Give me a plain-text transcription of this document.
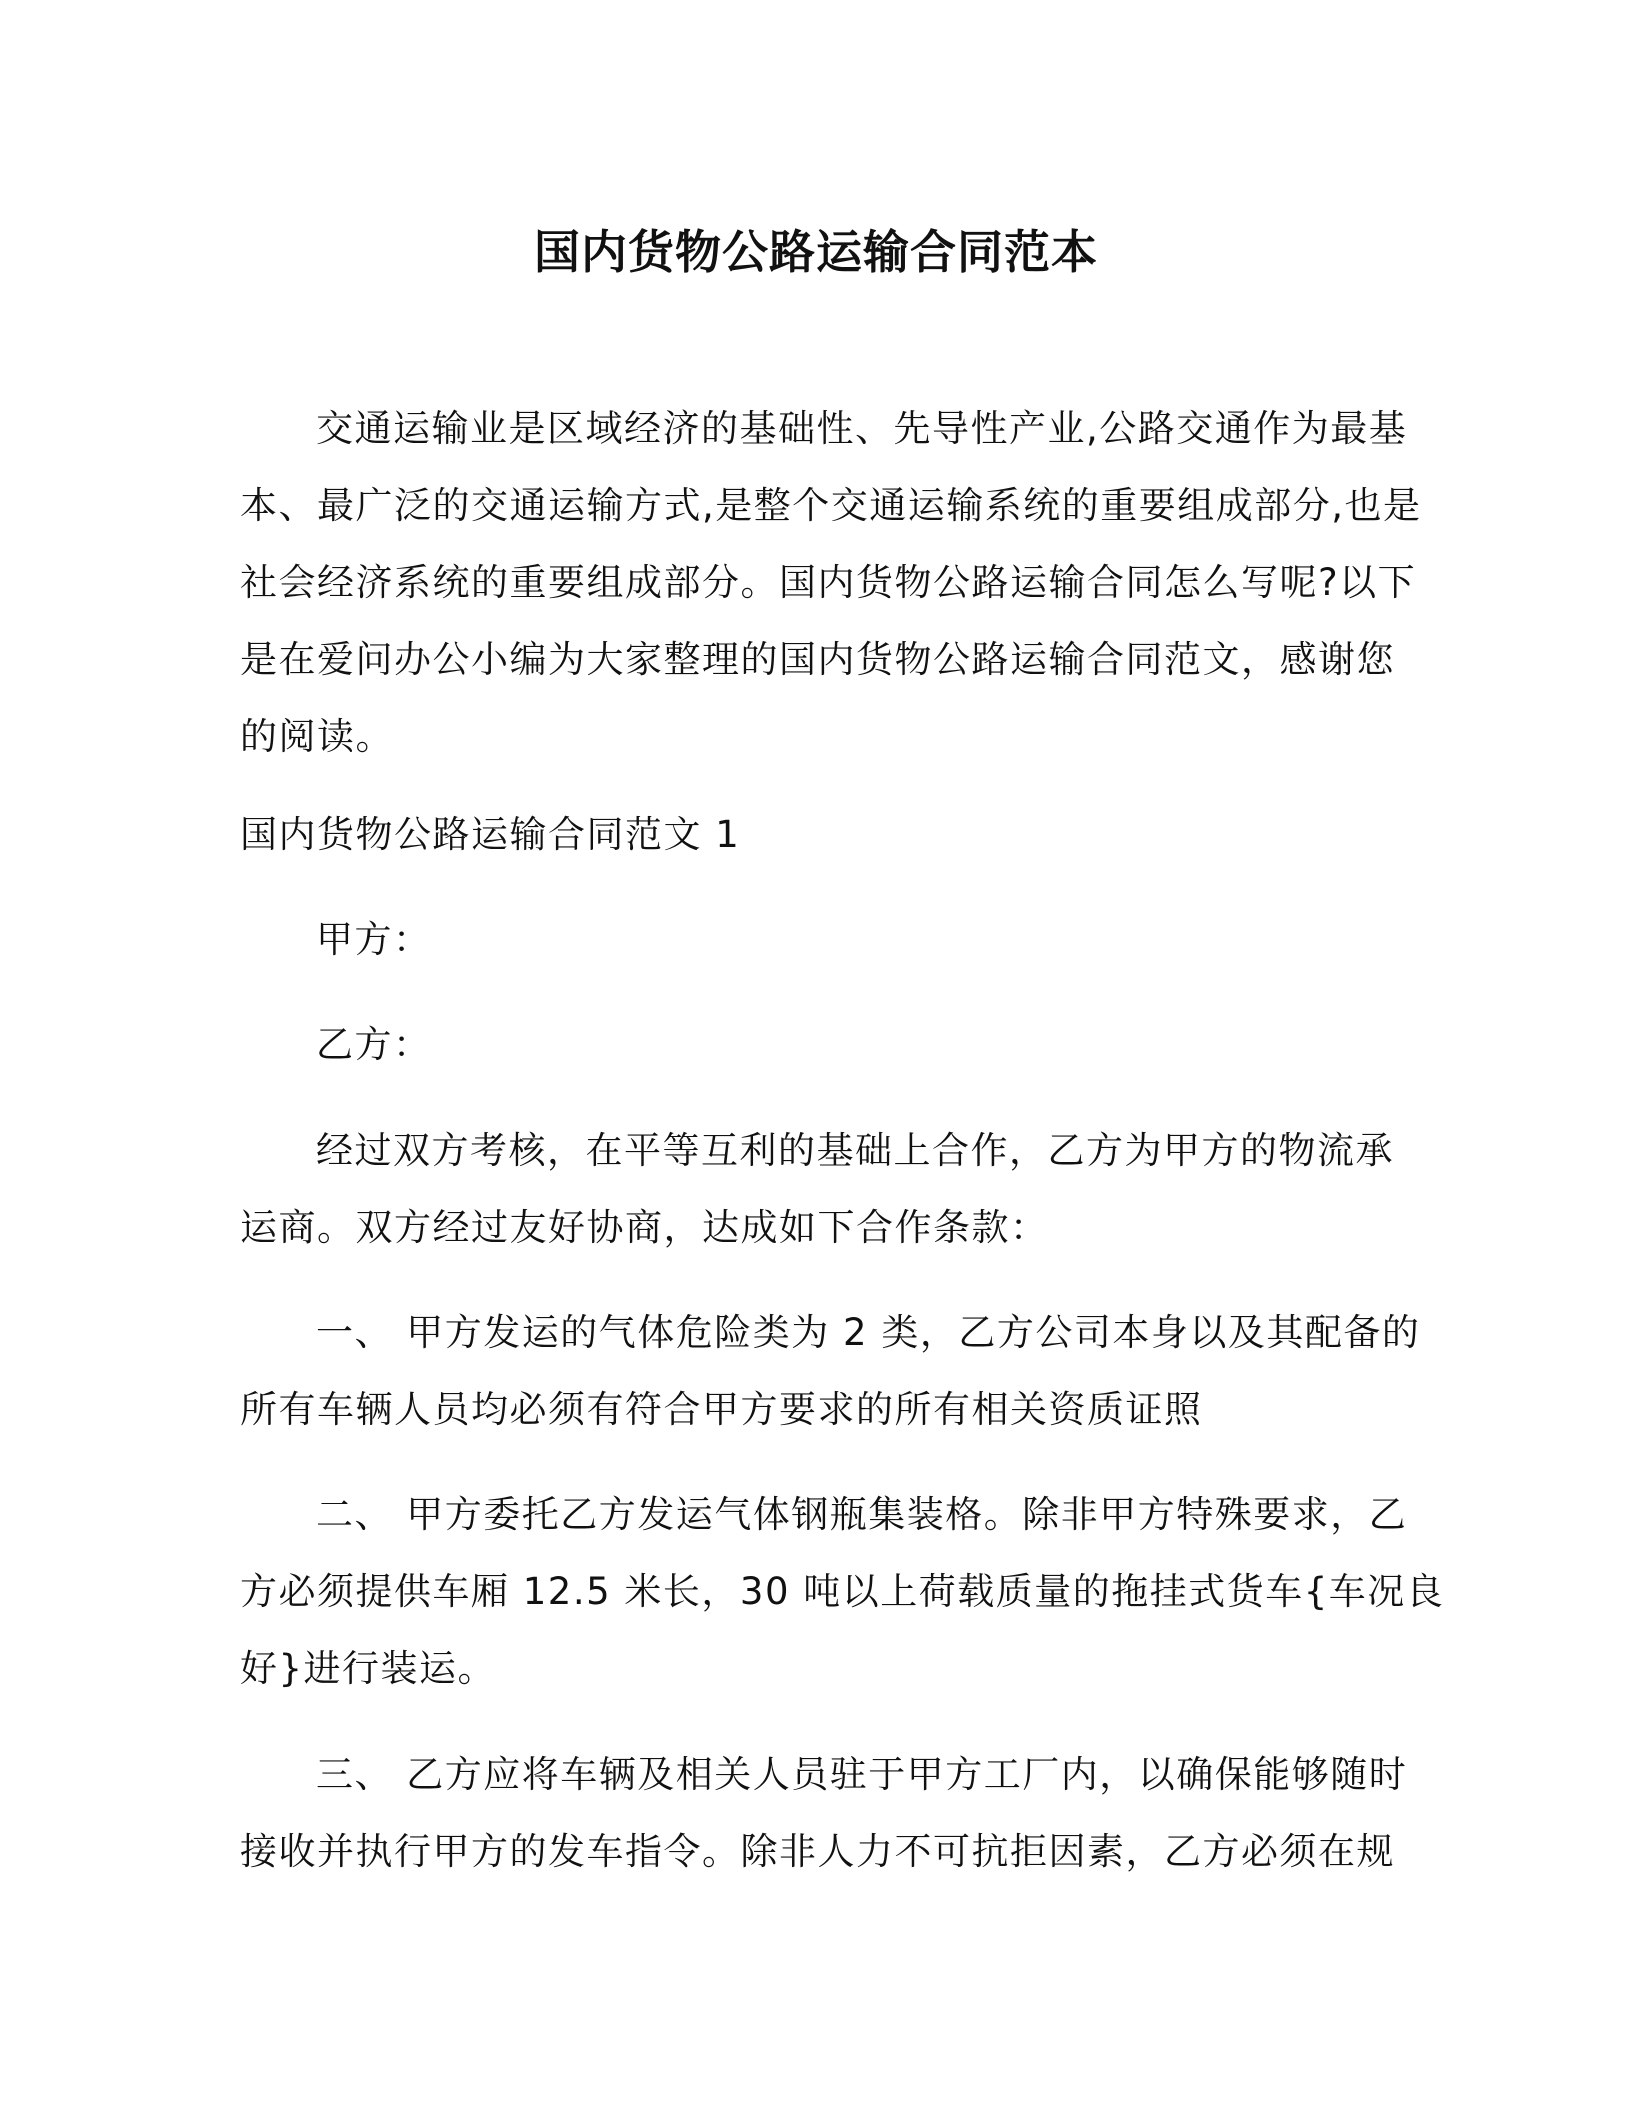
国内货物公路运输合同范本
交通运输业是区域经济的基础性、先导性产业,公路交通作为最基
本、最广泛的交通运输方式,是整个交通运输系统的重要组成部分,也是
社会经济系统的重要组成部分。国内货物公路运输合同怎么写呢?以下
是在爱问办公小编为大家整理的国内货物公路运输合同范文，感谢您
的阅读。
国内货物公路运输合同范文 1
甲方：
乙方：
经过双方考核，在平等互利的基础上合作，乙方为甲方的物流承
运商。双方经过友好协商，达成如下合作条款：
一、 甲方发运的气体危险类为 2 类，乙方公司本身以及其配备的
所有车辆人员均必须有符合甲方要求的所有相关资质证照
二、 甲方委托乙方发运气体钢瓶集装格。除非甲方特殊要求，乙
方必须提供车厢 12.5 米长，30 吨以上荷载质量的拖挂式货车{车况良
好}进行装运。
三、 乙方应将车辆及相关人员驻于甲方工厂内，以确保能够随时
接收并执行甲方的发车指令。除非人力不可抗拒因素，乙方必须在规
